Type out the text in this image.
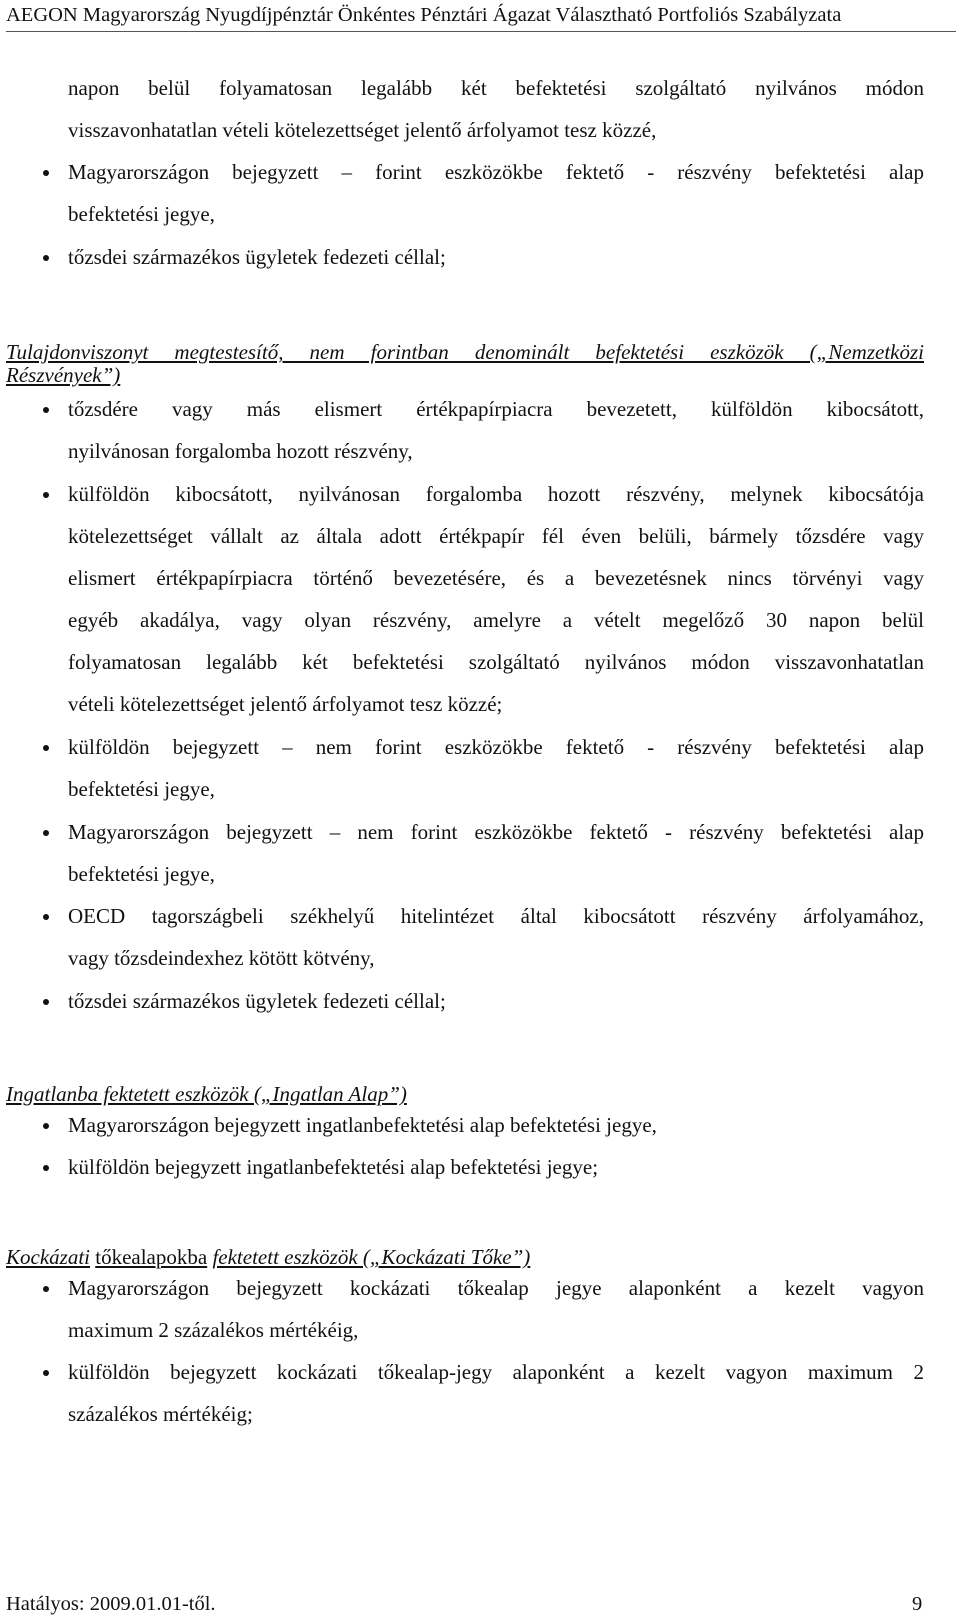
AEGON Magyarország Nyugdíjpénztár Önkéntes Pénztári Ágazat Választható Portfoliós Szabályzata
napon belül folyamatosan legalább két befektetési szolgáltató nyilvános módon
visszavonhatatlan vételi kötelezettséget jelentő árfolyamot tesz közzé,
Magyarországon bejegyzett – forint eszközökbe fektető - részvény befektetési alap
befektetési jegye,
tőzsdei származékos ügyletek fedezeti céllal;
Tulajdonviszonyt megtestesítő, nem forintban denominált befektetési eszközök („Nemzetközi
Részvények”)
tőzsdére vagy más elismert értékpapírpiacra bevezetett, külföldön kibocsátott,
nyilvánosan forgalomba hozott részvény,
külföldön kibocsátott, nyilvánosan forgalomba hozott részvény, melynek kibocsátója
kötelezettséget vállalt az általa adott értékpapír fél éven belüli, bármely tőzsdére vagy
elismert értékpapírpiacra történő bevezetésére, és a bevezetésnek nincs törvényi vagy
egyéb akadálya, vagy olyan részvény, amelyre a vételt megelőző 30 napon belül
folyamatosan legalább két befektetési szolgáltató nyilvános módon visszavonhatatlan
vételi kötelezettséget jelentő árfolyamot tesz közzé;
külföldön bejegyzett – nem forint eszközökbe fektető - részvény befektetési alap
befektetési jegye,
Magyarországon bejegyzett – nem forint eszközökbe fektető - részvény befektetési alap
befektetési jegye,
OECD tagországbeli székhelyű hitelintézet által kibocsátott részvény árfolyamához,
vagy tőzsdeindexhez kötött kötvény,
tőzsdei származékos ügyletek fedezeti céllal;
Ingatlanba fektetett eszközök („Ingatlan Alap”)
Magyarországon bejegyzett ingatlanbefektetési alap befektetési jegye,
külföldön bejegyzett ingatlanbefektetési alap befektetési jegye;
Kockázati tőkealapokba fektetett eszközök („Kockázati Tőke”)
Magyarországon bejegyzett kockázati tőkealap jegye alaponként a kezelt vagyon
maximum 2 százalékos mértékéig,
külföldön bejegyzett kockázati tőkealap-jegy alaponként a kezelt vagyon maximum 2
százalékos mértékéig;
Hatályos: 2009.01.01-től.	9
